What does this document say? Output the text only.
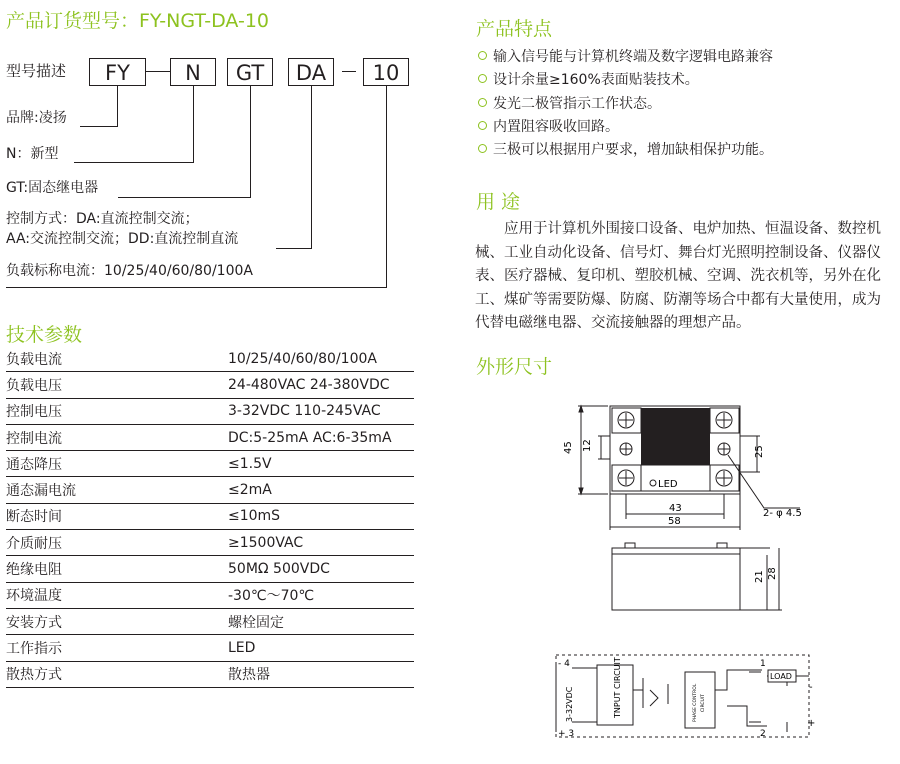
产品订货型号：FY-NGT-DA-10
型号描述	FY	N	GT	DA	10
品牌:凌扬
N：新型
GT:固态继电器
控制方式：DA:直流控制交流；
AA:交流控制交流；DD:直流控制直流
负载标称电流：10/25/40/60/80/100A
技术参数
负载电流	10/25/40/60/80/100A
负载电压	24-480VAC 24-380VDC
控制电压	3-32VDC 110-245VAC
控制电流	DC:5-25mA AC:6-35mA
通态降压	≤1.5V
通态漏电流	≤2mA
断态时间	≤10mS
介质耐压	≥1500VAC
绝缘电阻	50MΩ 500VDC
环境温度	-30℃～70℃
安装方式	螺栓固定
工作指示	LED
散热方式	散热器
产品特点
输入信号能与计算机终端及数字逻辑电路兼容
设计余量≥160%表面贴装技术。
发光二极管指示工作状态。
内置阻容吸收回路。
三极可以根据用户要求，增加缺相保护功能。
用 途
应用于计算机外围接口设备、电炉加热、恒温设备、数控机械、工业自动化设备、信号灯、舞台灯光照明控制设备、仪器仪表、医疗器械、复印机、塑胶机械、空调、洗衣机等，另外在化工、煤矿等需要防爆、防腐、防潮等场合中都有大量使用，成为代替电磁继电器、交流接触器的理想产品。
外形尺寸
45 12	25
43
58
2- φ 4.5
LED
21 28
- 4
+ 3
1
2
3-32VDC	TNPUT CIRCUIT	PHASE CONTROL CIRCUIT
LOAD
-
+
